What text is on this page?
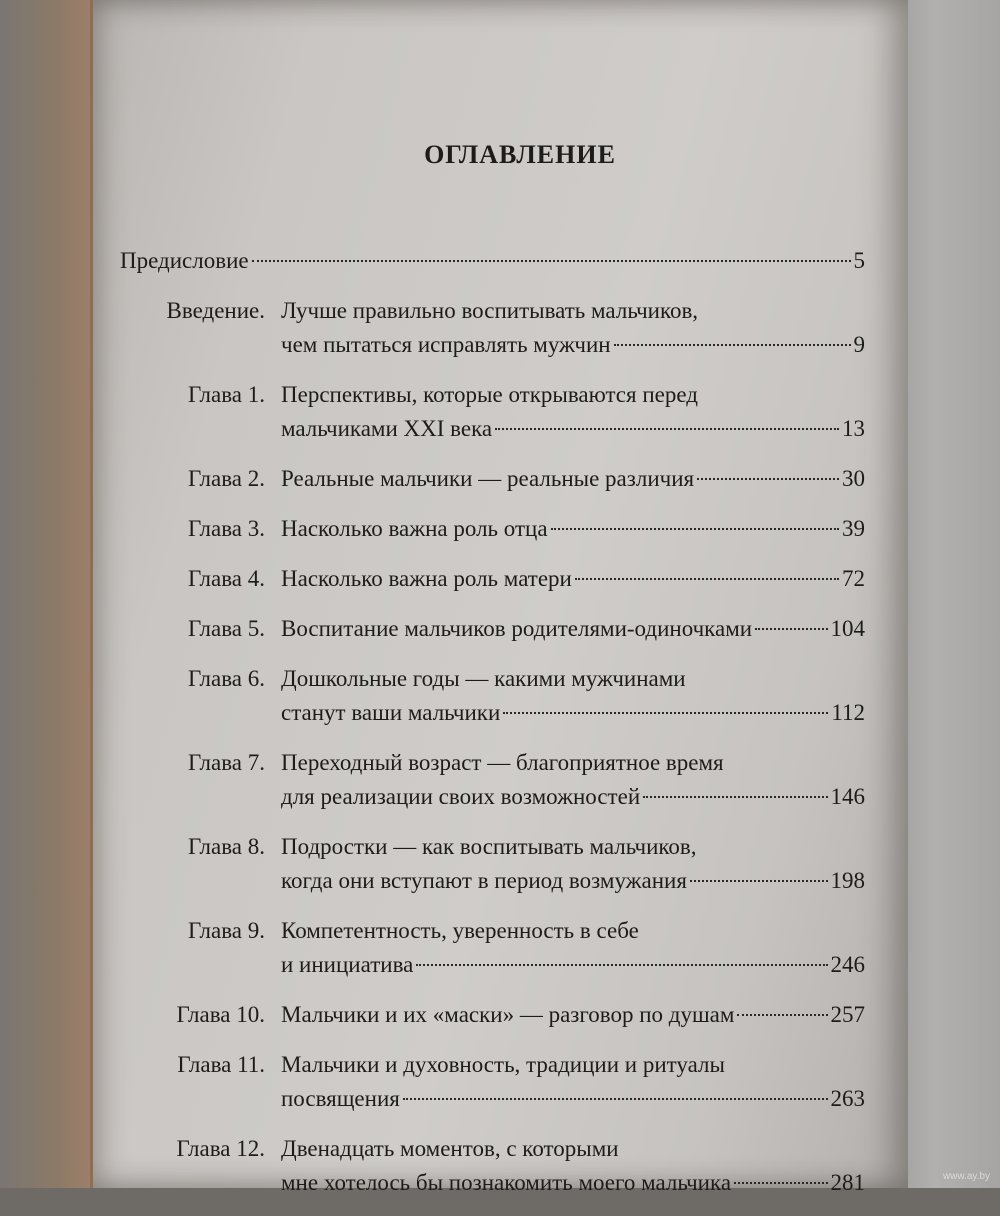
ОГЛАВЛЕНИЕ
Предисловие	5
Введение. Лучше правильно воспитывать мальчиков,
чем пытаться исправлять мужчин	9
Глава 1. Перспективы, которые открываются перед
мальчиками XXI века	13
Глава 2. Реальные мальчики — реальные различия	30
Глава 3. Насколько важна роль отца	39
Глава 4. Насколько важна роль матери	72
Глава 5. Воспитание мальчиков родителями-одиночками	104
Глава 6. Дошкольные годы — какими мужчинами
станут ваши мальчики	112
Глава 7. Переходный возраст — благоприятное время
для реализации своих возможностей	146
Глава 8. Подростки — как воспитывать мальчиков,
когда они вступают в период возмужания	198
Глава 9. Компетентность, уверенность в себе
и инициатива	246
Глава 10. Мальчики и их «маски» — разговор по душам	257
Глава 11. Мальчики и духовность, традиции и ритуалы
посвящения	263
Глава 12. Двенадцать моментов, с которыми
мне хотелось бы познакомить моего мальчика	281	www.ay.by
